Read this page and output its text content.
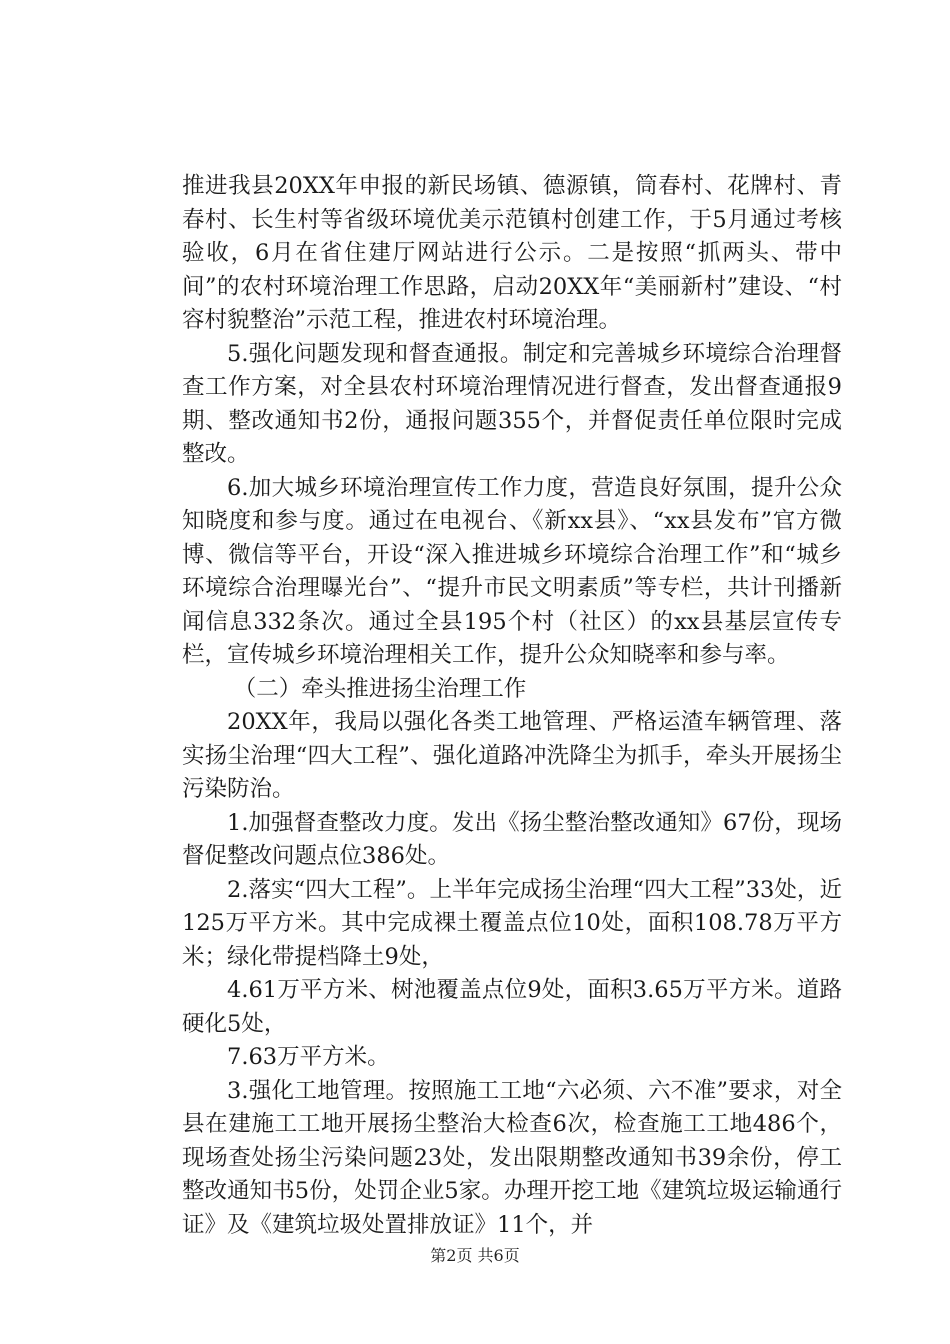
推进我县20XX年申报的新民场镇、德源镇，筒春村、花牌村、青春村、长生村等省级环境优美示范镇村创建工作，于5月通过考核验收，6月在省住建厅网站进行公示。二是按照“抓两头、带中间”的农村环境治理工作思路，启动20XX年“美丽新村”建设、“村容村貌整治”示范工程，推进农村环境治理。

5.强化问题发现和督查通报。制定和完善城乡环境综合治理督查工作方案，对全县农村环境治理情况进行督查，发出督查通报9期、整改通知书2份，通报问题355个，并督促责任单位限时完成整改。

6.加大城乡环境治理宣传工作力度，营造良好氛围，提升公众知晓度和参与度。通过在电视台、《新xx县》、“xx县发布”官方微博、微信等平台，开设“深入推进城乡环境综合治理工作”和“城乡环境综合治理曝光台”、“提升市民文明素质”等专栏，共计刊播新闻信息332条次。通过全县195个村（社区）的xx县基层宣传专栏，宣传城乡环境治理相关工作，提升公众知晓率和参与率。

（二）牵头推进扬尘治理工作

20XX年，我局以强化各类工地管理、严格运渣车辆管理、落实扬尘治理“四大工程”、强化道路冲洗降尘为抓手，牵头开展扬尘污染防治。

1.加强督查整改力度。发出《扬尘整治整改通知》67份，现场督促整改问题点位386处。

2.落实“四大工程”。上半年完成扬尘治理“四大工程”33处，近125万平方米。其中完成裸土覆盖点位10处，面积108.78万平方米；绿化带提档降土9处，

4.61万平方米、树池覆盖点位9处，面积3.65万平方米。道路硬化5处，

7.63万平方米。

3.强化工地管理。按照施工工地“六必须、六不准”要求，对全县在建施工工地开展扬尘整治大检查6次，检查施工工地486个，现场查处扬尘污染问题23处，发出限期整改通知书39余份，停工整改通知书5份，处罚企业5家。办理开挖工地《建筑垃圾运输通行证》及《建筑垃圾处置排放证》11个，并

第2页 共6页
